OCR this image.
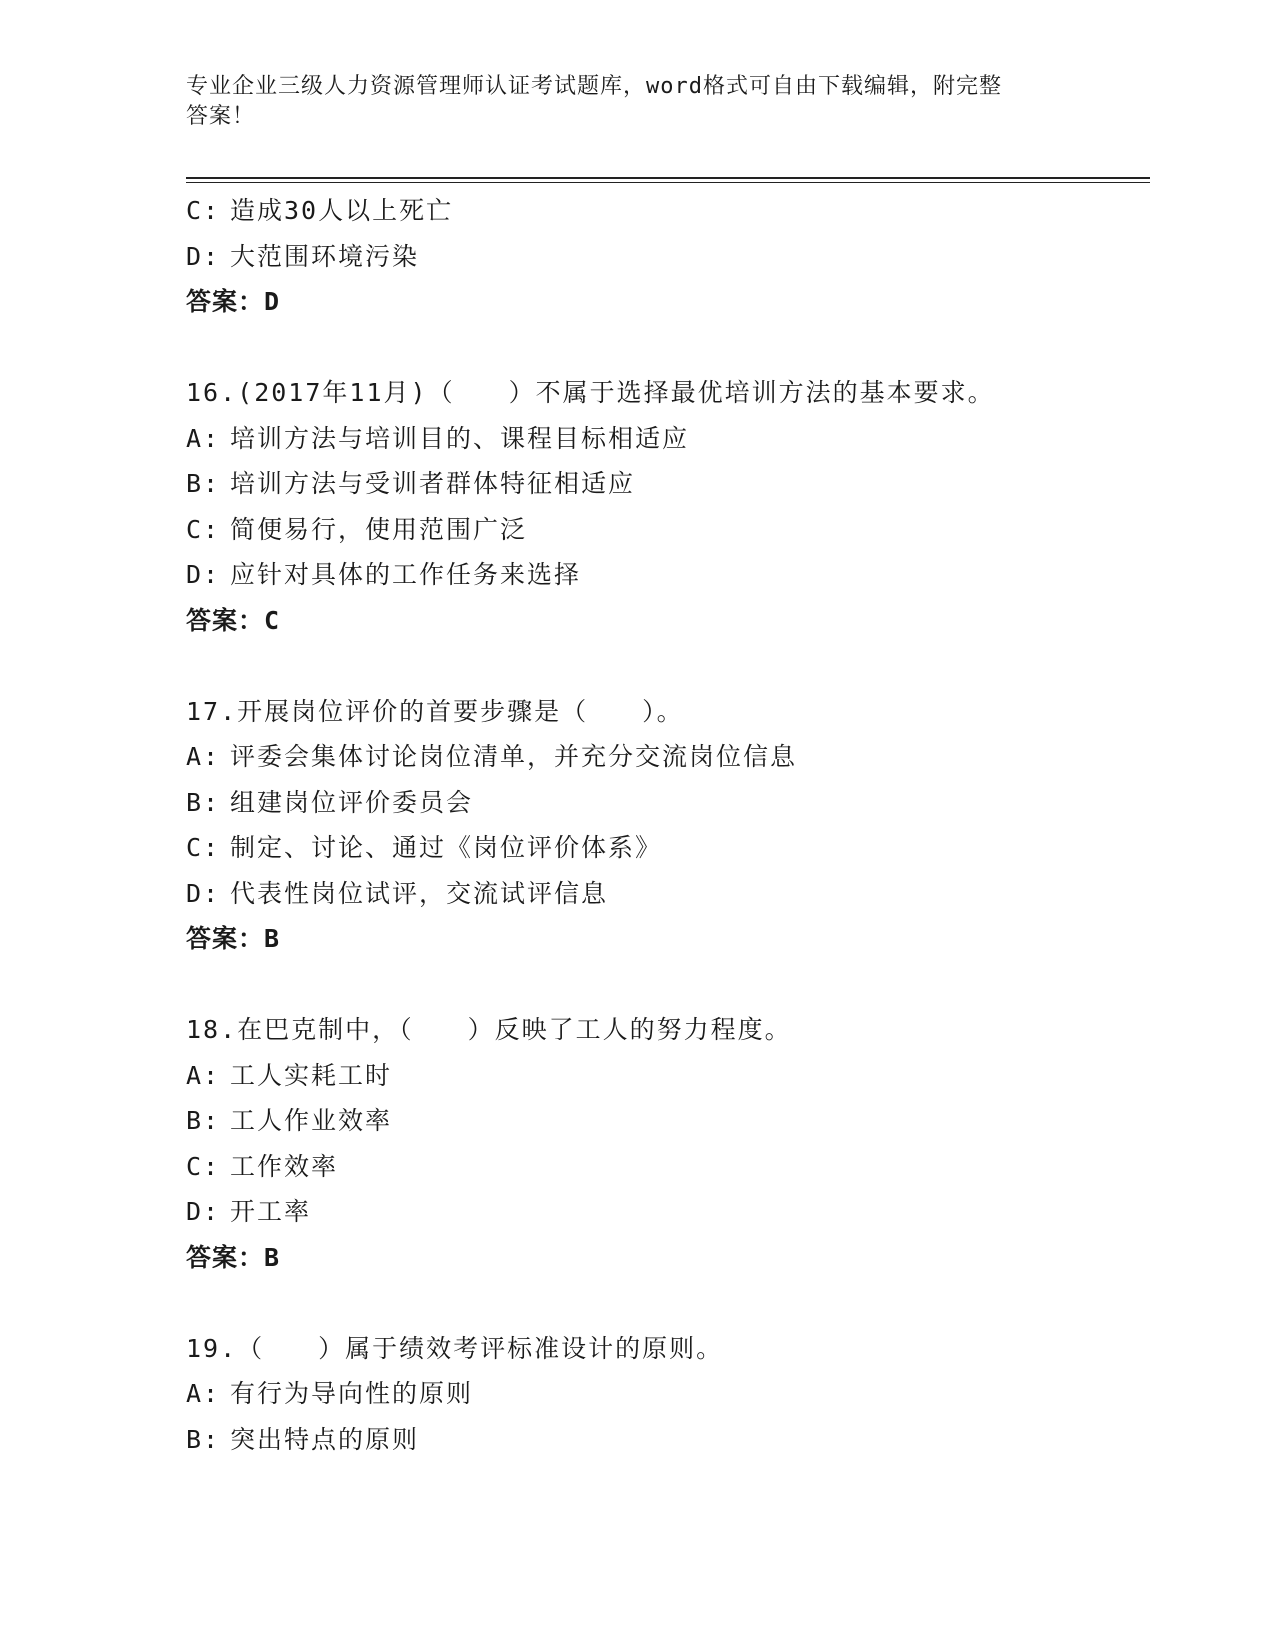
专业企业三级人力资源管理师认证考试题库，word格式可自由下载编辑，附完整
答案！
C: 造成30人以上死亡
D: 大范围环境污染
答案：D
16.(2017年11月)（　　）不属于选择最优培训方法的基本要求。
A: 培训方法与培训目的、课程目标相适应
B: 培训方法与受训者群体特征相适应
C: 简便易行，使用范围广泛
D: 应针对具体的工作任务来选择
答案：C
17.开展岗位评价的首要步骤是（　　）。
A: 评委会集体讨论岗位清单，并充分交流岗位信息
B: 组建岗位评价委员会
C: 制定、讨论、通过《岗位评价体系》
D: 代表性岗位试评，交流试评信息
答案：B
18.在巴克制中，（　　）反映了工人的努力程度。
A: 工人实耗工时
B: 工人作业效率
C: 工作效率
D: 开工率
答案：B
19.（　　）属于绩效考评标准设计的原则。
A: 有行为导向性的原则
B: 突出特点的原则
